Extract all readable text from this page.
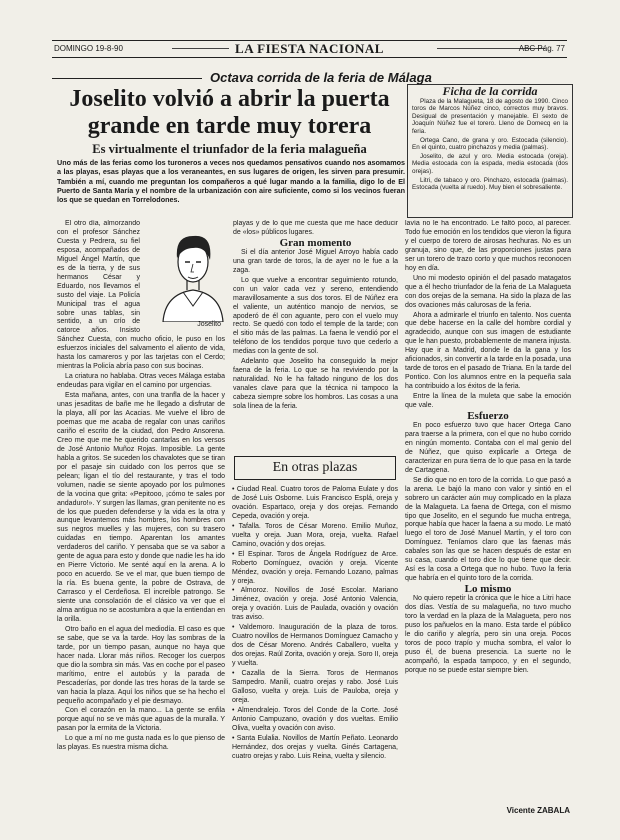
DOMINGO 19-8-90	LA FIESTA NACIONAL	ABC Pág. 77
Octava corrida de la feria de Málaga
Joselito volvió a abrir la puerta grande en tarde muy torera
Es virtualmente el triunfador de la feria malagueña
Uno más de las ferias como los turoneros a veces nos quedamos pensativos cuando nos asomamos a las playas, esas playas que a los veraneantes, en sus lugares de origen, les sirven para presumir. También a mí, cuando me preguntan los compañeros a qué lugar mando a la familia, digo lo de El Puerto de Santa María y el nombre de la urbanización con aire suficiente, como si los vecinos fueran los que se quedan en Torrelodones.
Ficha de la corrida

Plaza de la Malagueta, 18 de agosto de 1990. Cinco toros de Marcos Núñez cinco, correctos muy bravos. Desigual de presentación y manejable. El sexto de Joaquín Núñez fue el torero. Lleno de Domecq en la feria.

Ortega Cano, de grana y oro. Estocada (silencio). En el quinto, cuatro pinchazos y media (palmas).

Joselito, de azul y oro. Media estocada (oreja). Media estocada con la espada, media estocada (dos orejas).

Litri, de tabaco y oro. Pinchazo, estocada (palmas). Estocada (vuelta al ruedo). Muy bien el sobresaliente.

Joselito
El otro día, almorzando con el profesor Sánchez Cuesta y Pedrera, su fiel esposa, acompañados de Miguel Ángel Martín, que es de la tierra, y de sus hermanos César y Eduardo, nos llevamos el susto del viaje. La Policía Municipal tras el agua sobre unas tablas, sin sentido, a un crío de catorce años. Insisto Sánchez Cuesta, con mucho oficio, le puso en los esfuerzos iniciales del salvamento el aliento de vida, hasta los camareros y por las tarjetas con el Cerdo; mientras la Policía abría paso con sus bocinas.

La criatura no hablaba. Otras veces Málaga estaba endeudas para vigilar en el camino por urgencias.

Esta mañana, antes, con una tranfla de la hacer y unas jesaditas de bañe me he llegado a disfrutar de la playa, allí por las Acacias. Me vuelve el libro de poemas que me acaba de regalar con unas cariños cariño el escrito de la ciudad, don Pedro Ansorena. Creo me que me he querido cantarlas en los versos de José Antonio Muñoz Rojas. Imposible. La gente habla a gritos. Se suceden los chavalotes que se tiran por el pasaje sin cuidado con los perros que se pelean; ligan el tío del restaurante, y tras el todo volumen, nadie se siente apoyado por los pulmones de la vocina que grita: «Pepitooo, ¡cómo te sales por andaduro!». Y surgen las llamas, gran penitente no es de los que pueden defenderse y la vida es la otra y aunque levantemos más hombres, los hombres con sus negros muelles y las mujeres, con su trasero cuidadas en tiempo. Aparentan los amantes verdaderos del cariño. Y pensaba que se va sabor a gente de agua para esto y donde que nadie les ha ido en Pierre Victorio. Me senté aquí en la arena. A lo poco en acuerdo. Se ve el mar, que buen tiempo de la ría. Es buena gente, la pobre de Ostrava, de Carrasco y el Cerdeñosa. El increíble patrongo. Se siente una consolación de el clásico va ver que el alma antigua no se acostumbra a que la entiendan en la orilla.

Otro baño en el agua del mediodía. El caso es que se sabe, que se va la tarde. Hoy las sombras de la tarde, por un tiempo pasan, aunque no haya que hacer nada. Llorar más niños. Recoger los cuerpos que dio la sombra sin más. Vas en coche por el paseo marítimo, entre el autobús y la parada de Pescaderías, por donde las tres horas de la tarde se van hacia la plaza. Aquí los niños que se ha hecho el pequeño acompañado y el pie desmayo.

Con el corazón en la mano... La gente se enfila porque aquí no se ve más que aguas de la muralla. Y pasan por la ermita de la Victoria.

Lo que a mí no me gusta nada es lo que pienso de las playas. Es nuestra misma dicha.

playas y de lo que me cuesta que me hace deducir de «los» públicos lugares.

Gran momento

Si el día anterior José Miguel Arroyo había cado una gran tarde de toros, la de ayer no le fue a la zaga.

Lo que vuelve a encontrar seguimiento rotundo, con un valor cada vez y sereno, entendiendo maravillosamente a sus dos toros. El de Núñez era el valiente, un auténtico manojo de nervios, se apoderó de él con aguante, pero con el vuelo muy recto. Se quedó con todo el temple de la tarde; con el sitio más de las palmas. La faena le vendió por el teléfono de los tendidos porque tuvo que cederlo a medias con la gente de sol.

Adelanto que Joselito ha conseguido la mejor faena de la feria. Lo que se ha reviviendo por la naturalidad. No le ha faltado ninguno de los dos vanales clave para que la técnica ni tampoco la cabeza siempre sobre los hombros. Las cosas a una sola línea de la feria.

En otras plazas

• Ciudad Real. Cuatro toros de Paloma Eulate y dos de José Luis Osborne. Luis Francisco Esplá, oreja y ovación. Espartaco, oreja y dos orejas. Fernando Cepeda, ovación y oreja.

• Tafalla. Toros de César Moreno. Emilio Muñoz, vuelta y oreja. Juan Mora, oreja, vuelta. Rafael Camino, ovación y dos orejas.

• El Espinar. Toros de Ángela Rodríguez de Arce. Roberto Domínguez, ovación y oreja. Vicente Méndez, ovación y oreja. Fernando Lozano, palmas y oreja.

• Almoroz. Novillos de José Escolar. Mariano Jiménez, ovación y oreja. José Antonio Valencia, oreja y ovación. Luis de Paulada, ovación y ovación tras aviso.

• Valdemoro. Inauguración de la plaza de toros. Cuatro novillos de Hermanos Domínguez Camacho y dos de César Moreno. Andrés Caballero, vuelta y dos orejas. Raúl Zorita, ovación y oreja. Soro II, oreja y vuelta.

• Cazalla de la Sierra. Toros de Hermanos Sampedro. Manili, cuatro orejas y rabo. José Luis Galloso, vuelta y oreja. Luis de Pauloba, oreja y oreja.

• Almendralejo. Toros del Conde de la Corte. José Antonio Campuzano, ovación y dos vueltas. Emilio Oliva, vuelta y ovación con aviso.

• Santa Eulalia. Novillos de Martín Peñato. Leonardo Hernández, dos orejas y vuelta. Ginés Cartagena, cuatro orejas y rabo. Luis Reina, vuelta y silencio.

lavía no le ha encontrado. Le faltó poco, al parecer. Todo fue emoción en los tendidos que vieron la figura y el cuerpo de torero de airosas hechuras. No es un granuja, sino que, de las proporciones justas para ser un torero de trazo corto y que muchos reconocen hoy en día.

Uno mi modesto opinión el del pasado matagatos que a él hecho triunfador de la feria de La Malagueta con dos orejas de la semana. Ha sido la plaza de las dos ovaciones más calurosas de la feria.

Ahora a admirarle el triunfo en talento. Nos cuenta que debe hacerse en la calle del hombre cordial y agradecido, aunque con sus imagen de estudiante que le han puesto, probablemente de manera injusta. Hay que ir a Madrid, donde le da la gana y los aficionados, sin convertir a la tarde en la posada, una tarde de toros en el pasado de Triana. En la tarde del Pontico. Con los alumnos entre en la pequeña sala ha contribuido a los éxitos de la feria.

Entre la línea de la muleta que sabe la emoción que vale.

Esfuerzo

En poco esfuerzo tuvo que hacer Ortega Cano para traerse a la primera, con el que no hubo corrido en ningún momento. Contaba con el mal genio del de Núñez, que quiso explicarle a Ortega de caracterizar en pura tierra de lo que pasa en la tarde de Cartagena.

Se dio que no en toro de la corrida. Lo que pasó a la arena. Le bajó la mano con valor y sintió en el sobrero un carácter aún muy complicado en la plaza de la Malagueta. La faena de Ortega, con el mismo tipo que Joselito, en el segundo fue mucha entrega, porque había que hacer la faena a su modo. Le mató luego el toro de José Manuel Martín, y el toro con Domínguez. Teníamos claro que las faenas más cabales son las que se hacen después de estar en su casa, cuando el toro dice lo que tiene que decir. Así es la cosa a Ortega que no hubo. Tuvo la feria que habría en el quinto toro de la corrida.

Lo mismo

No quiero repetir la crónica que le hice a Litri hace dos días. Vestía de su malagueña, no tuvo mucho toro la verdad en la plaza de la Malagueta, pero nos puso los pañuelos en la mano. Esta tarde el público le dio cariño y alegría, pero sin una oreja. Pocos toros de poco trapío y mucha sombra, el valor lo puso él, de buena presencia. La suerte no le acompañó, la espada tampoco, y en el segundo, porque no se puede estar siempre bien.

Vicente ZABALA
